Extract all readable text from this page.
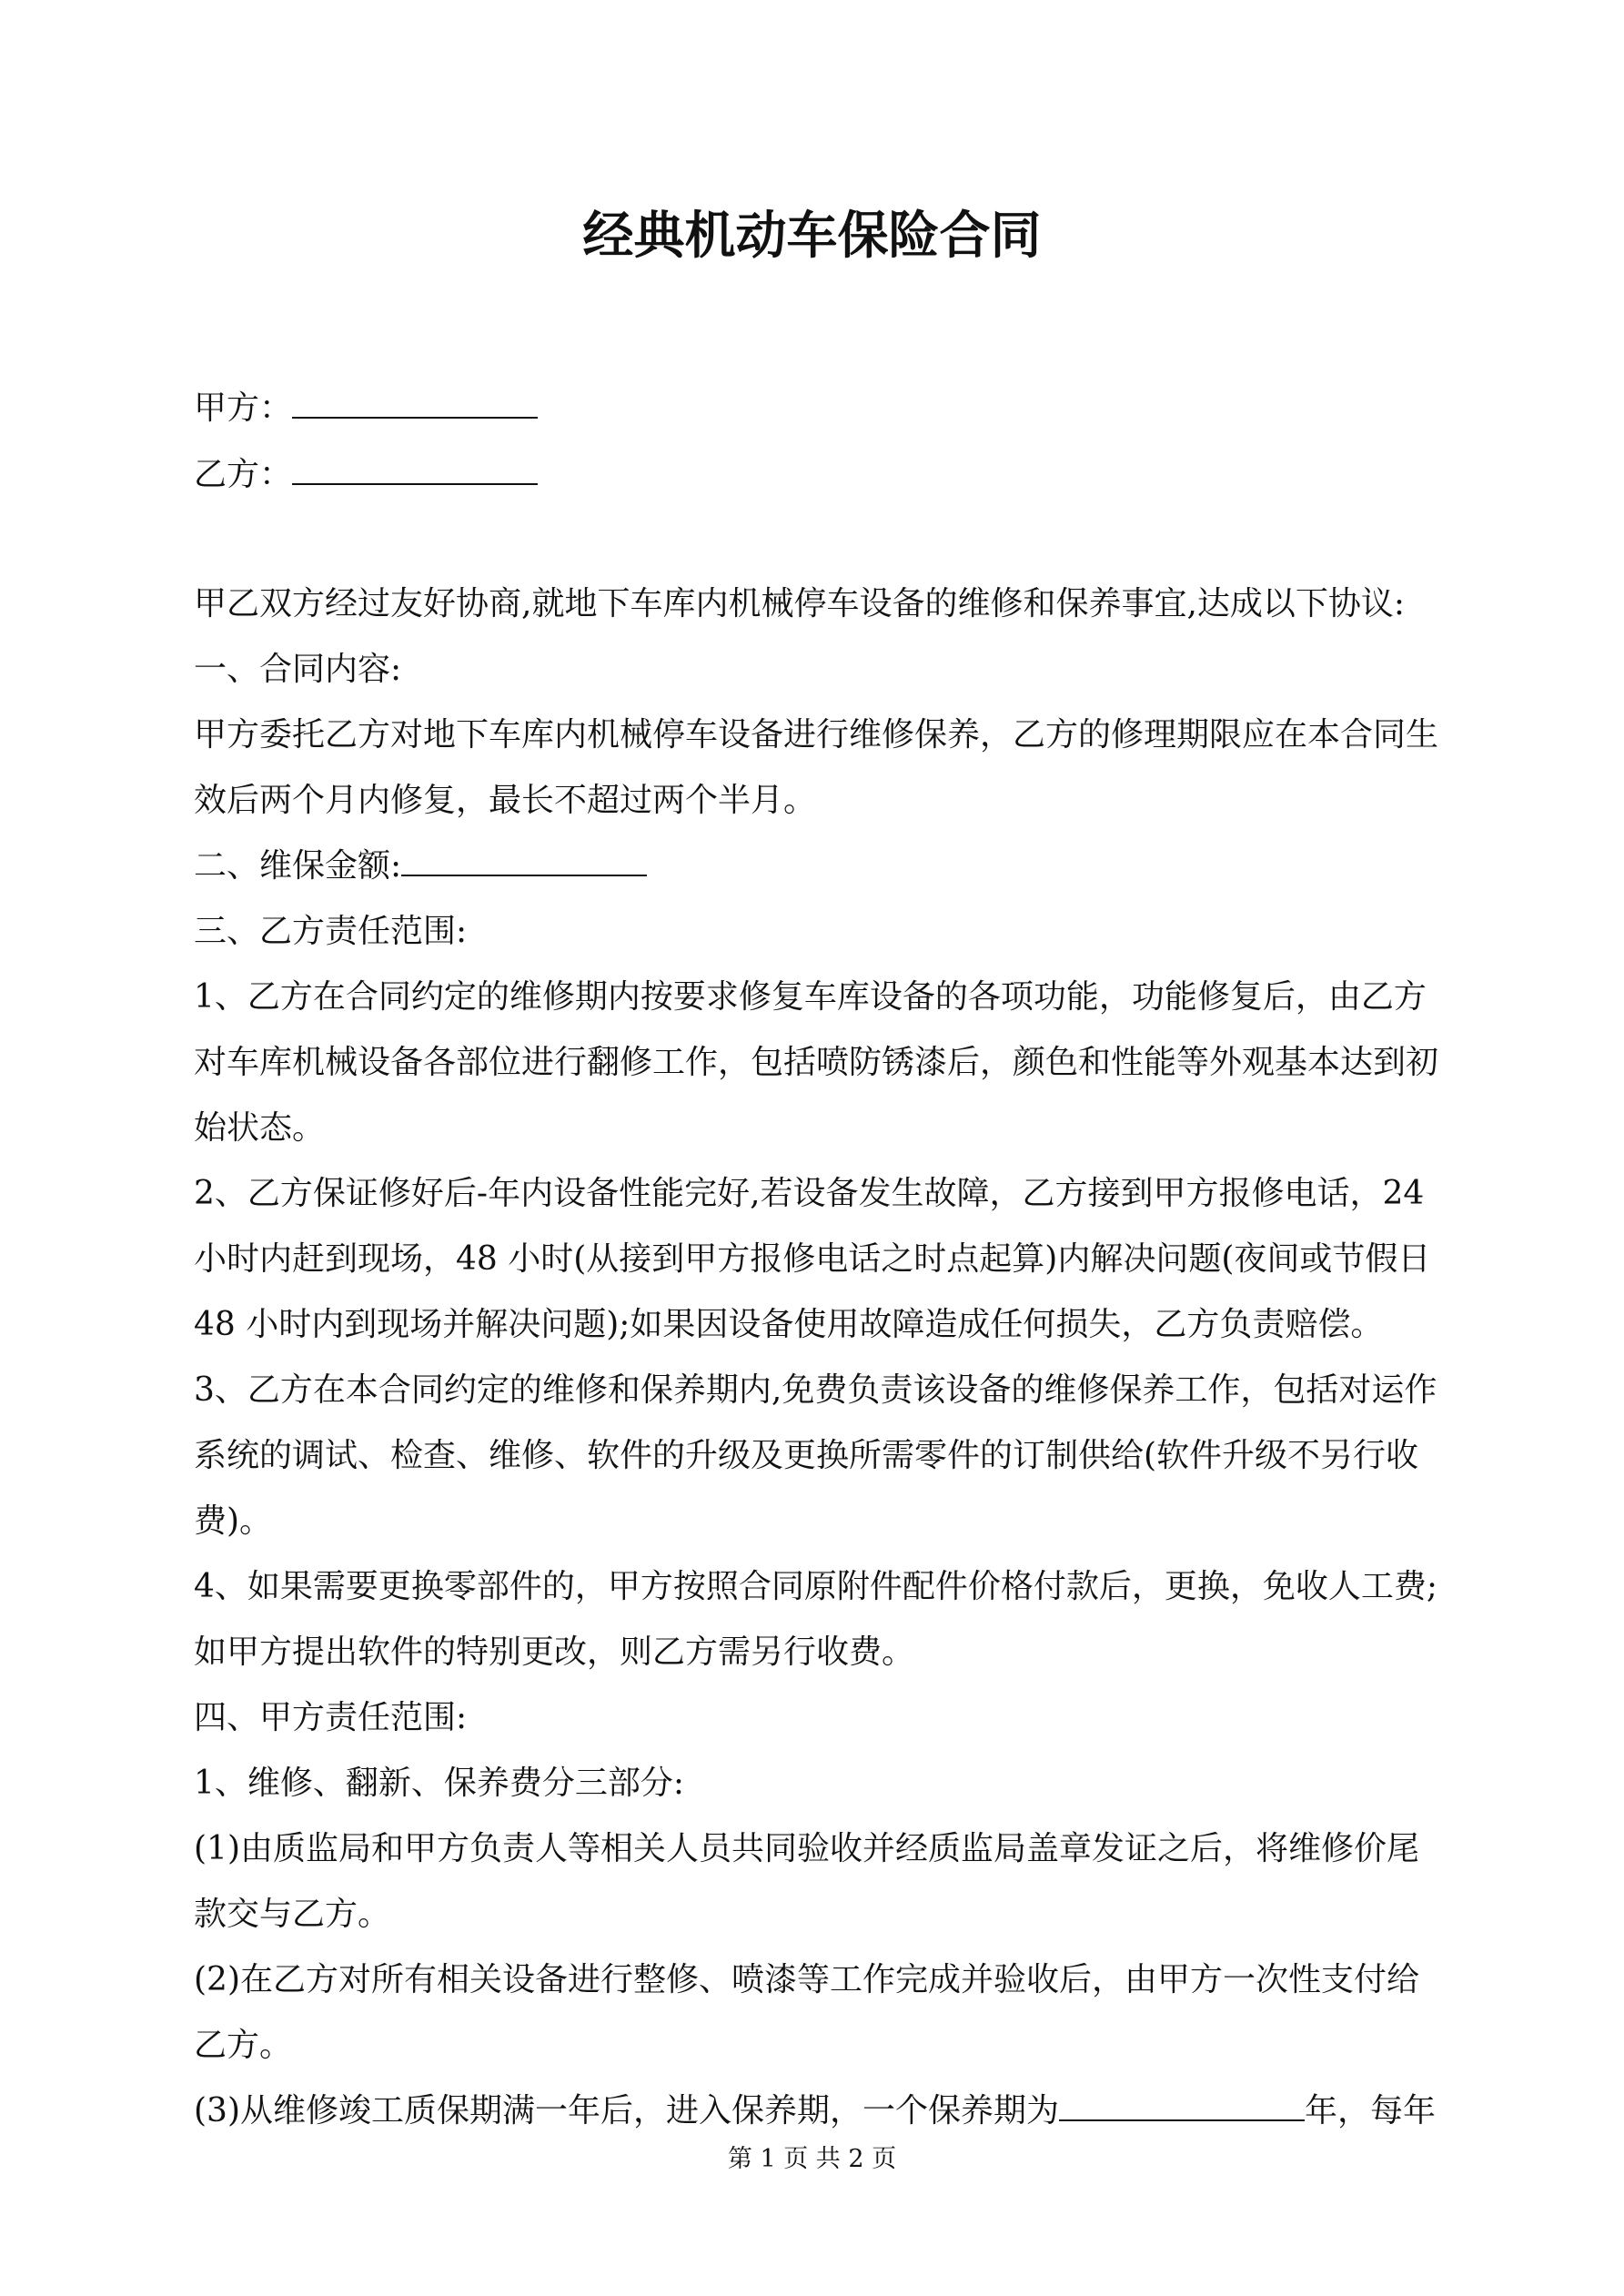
经典机动车保险合同
甲方：
乙方：
甲乙双方经过友好协商,就地下车库内机械停车设备的维修和保养事宜,达成以下协议:
一、合同内容:
甲方委托乙方对地下车库内机械停车设备进行维修保养，乙方的修理期限应在本合同生
效后两个月内修复，最长不超过两个半月。
二、维保金额:
三、乙方责任范围:
1、乙方在合同约定的维修期内按要求修复车库设备的各项功能，功能修复后，由乙方
对车库机械设备各部位进行翻修工作，包括喷防锈漆后，颜色和性能等外观基本达到初
始状态。
2、乙方保证修好后-年内设备性能完好,若设备发生故障，乙方接到甲方报修电话，24
小时内赶到现场，48 小时(从接到甲方报修电话之时点起算)内解决问题(夜间或节假日
48 小时内到现场并解决问题);如果因设备使用故障造成任何损失，乙方负责赔偿。
3、乙方在本合同约定的维修和保养期内,免费负责该设备的维修保养工作，包括对运作
系统的调试、检查、维修、软件的升级及更换所需零件的订制供给(软件升级不另行收
费)。
4、如果需要更换零部件的，甲方按照合同原附件配件价格付款后，更换，免收人工费;
如甲方提出软件的特别更改，则乙方需另行收费。
四、甲方责任范围:
1、维修、翻新、保养费分三部分:
(1)由质监局和甲方负责人等相关人员共同验收并经质监局盖章发证之后，将维修价尾
款交与乙方。
(2)在乙方对所有相关设备进行整修、喷漆等工作完成并验收后，由甲方一次性支付给
乙方。
(3)从维修竣工质保期满一年后，进入保养期，一个保养期为	年，每年
第 1 页 共 2 页
